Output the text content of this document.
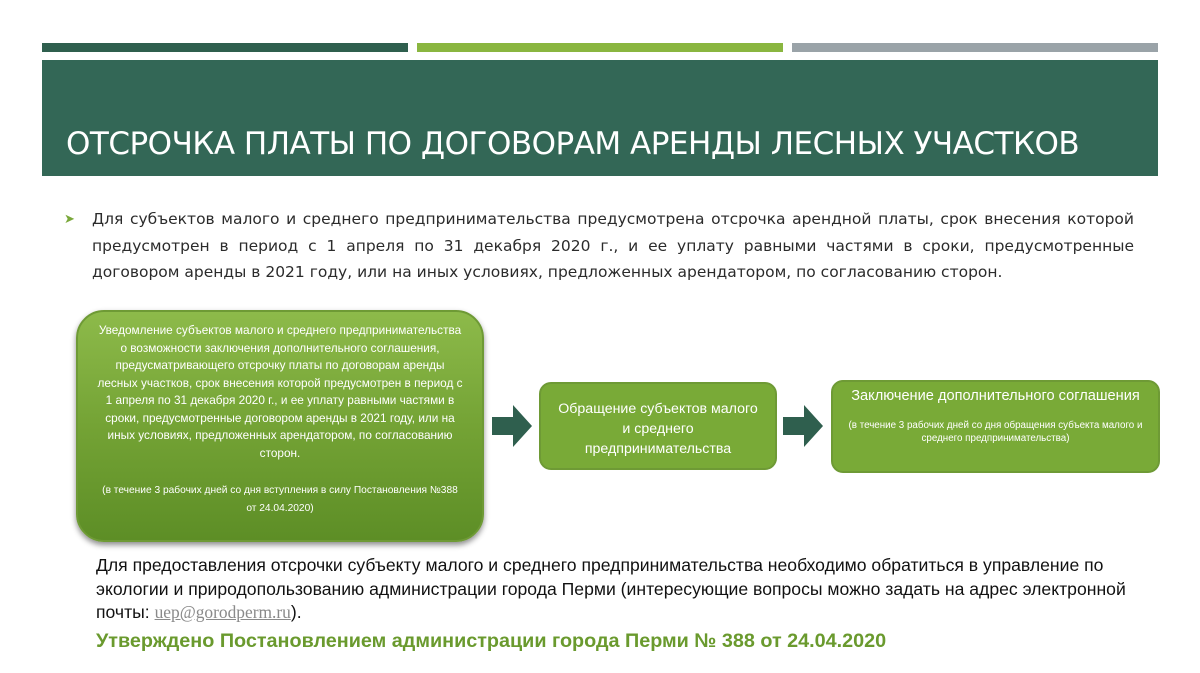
ОТСРОЧКА ПЛАТЫ ПО ДОГОВОРАМ АРЕНДЫ ЛЕСНЫХ УЧАСТКОВ
➤ Для субъектов малого и среднего предпринимательства предусмотрена отсрочка арендной платы, срок внесения которой предусмотрен в период с 1 апреля по 31 декабря 2020 г., и ее уплату равными частями в сроки, предусмотренные договором аренды в 2021 году, или на иных условиях, предложенных арендатором, по согласованию сторон.

Уведомление субъектов малого и среднего предпринимательства о возможности заключения дополнительного соглашения, предусматривающего отсрочку платы по договорам аренды лесных участков, срок внесения которой предусмотрен в период с 1 апреля по 31 декабря 2020 г., и ее уплату равными частями в сроки, предусмотренные договором аренды в 2021 году, или на иных условиях, предложенных арендатором, по согласованию сторон.

(в течение 3 рабочих дней со дня вступления в силу Постановления №388 от 24.04.2020)

Обращение субъектов малого и среднего предпринимательства

Заключение дополнительного соглашения

(в течение 3 рабочих дней со дня обращения субъекта малого и среднего предпринимательства)

Для предоставления отсрочки субъекту малого и среднего предпринимательства необходимо обратиться в управление по экологии и природопользованию администрации города Перми (интересующие вопросы можно задать на адрес электронной почты: uep@gorodperm.ru).

Утверждено Постановлением администрации города Перми № 388 от 24.04.2020
